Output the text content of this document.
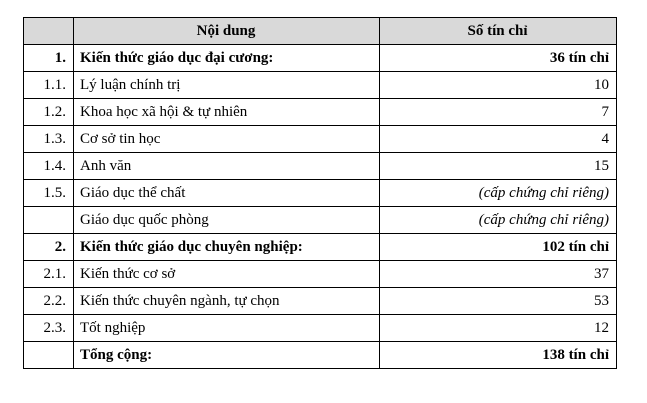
	Nội dung	Số tín chỉ
1.	Kiến thức giáo dục đại cương:	36 tín chỉ
1.1.	Lý luận chính trị	10
1.2.	Khoa học xã hội & tự nhiên	7
1.3.	Cơ sở tin học	4
1.4.	Anh văn	15
1.5.	Giáo dục thể chất	(cấp chứng chỉ riêng)
	Giáo dục quốc phòng	(cấp chứng chỉ riêng)
2.	Kiến thức giáo dục chuyên nghiệp:	102 tín chỉ
2.1.	Kiến thức cơ sở	37
2.2.	Kiến thức chuyên ngành, tự chọn	53
2.3.	Tốt nghiệp	12
	Tổng cộng:	138 tín chỉ
